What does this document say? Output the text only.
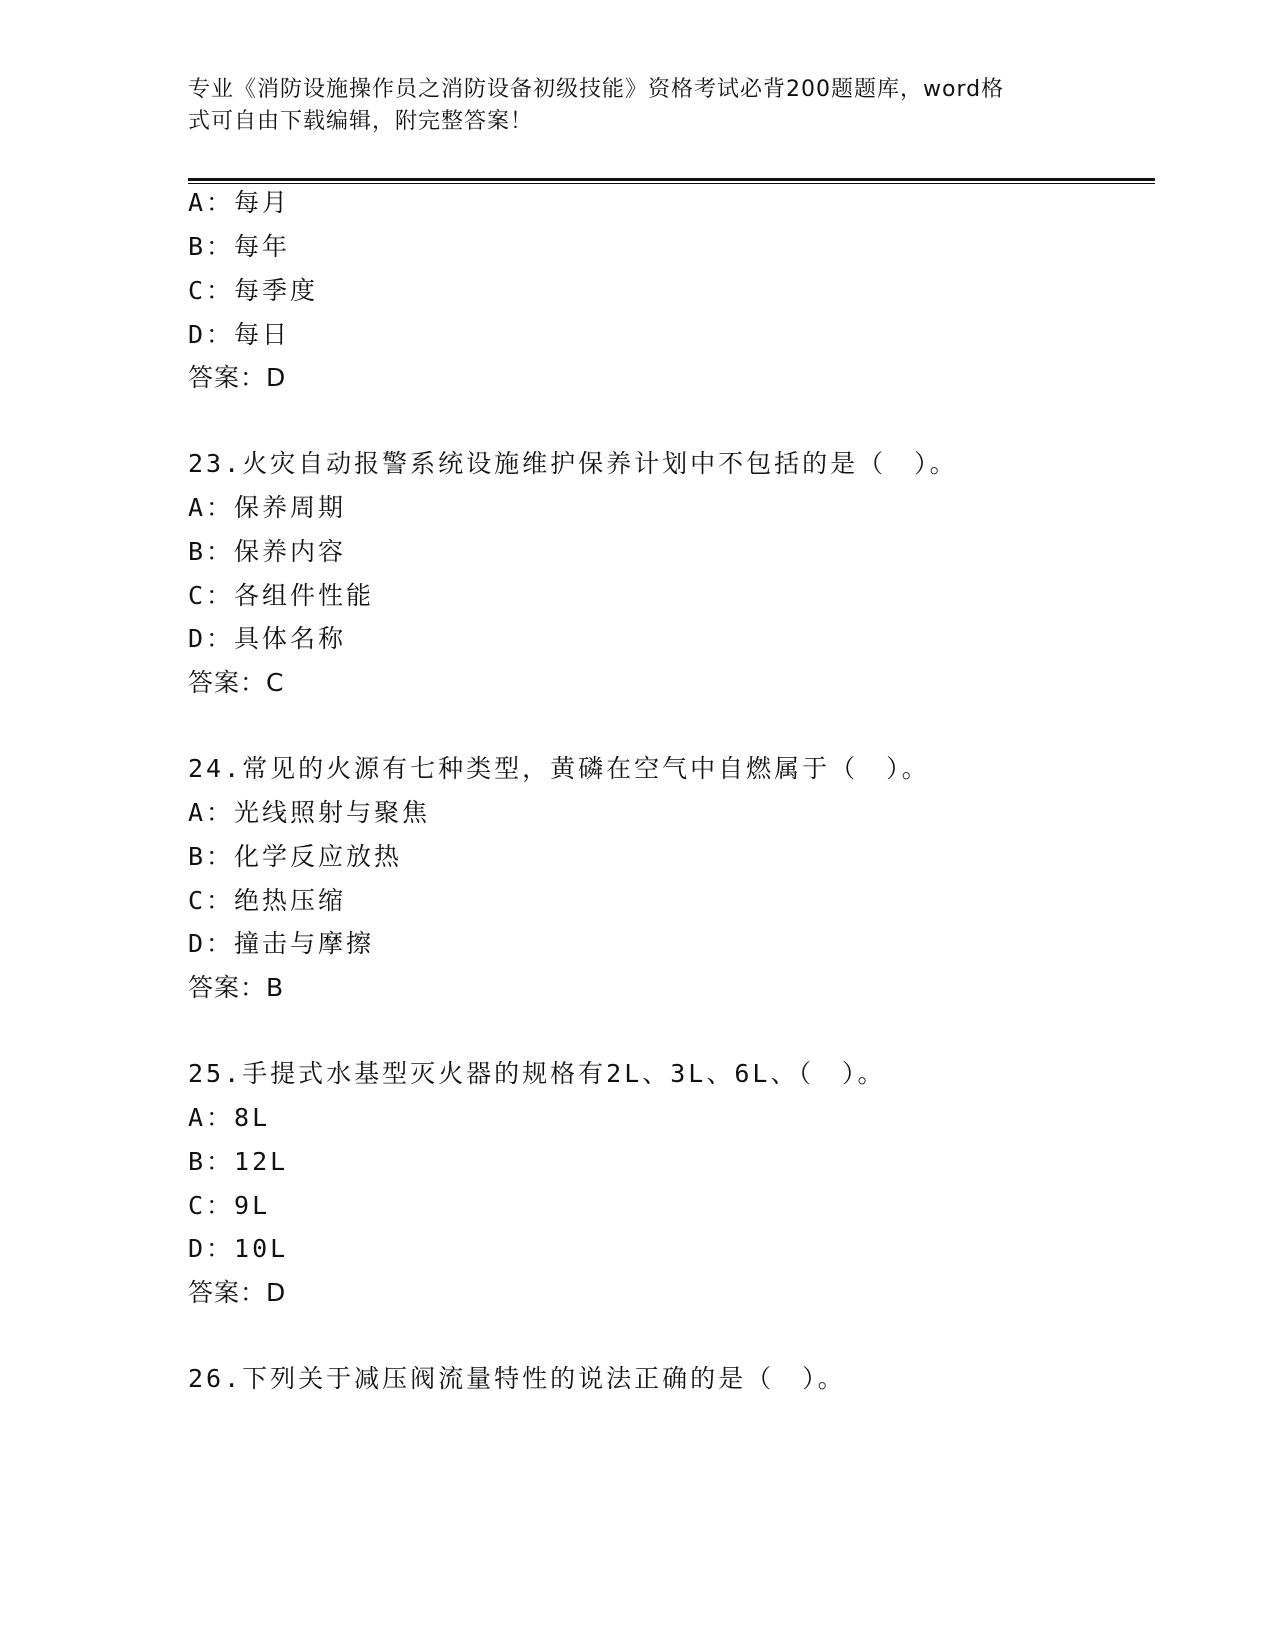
专业《消防设施操作员之消防设备初级技能》资格考试必背200题题库，word格
式可自由下载编辑，附完整答案！
A：每月
B：每年
C：每季度
D：每日
答案：D
23.火灾自动报警系统设施维护保养计划中不包括的是（　）。
A：保养周期
B：保养内容
C：各组件性能
D：具体名称
答案：C
24.常见的火源有七种类型，黄磷在空气中自燃属于（　）。
A：光线照射与聚焦
B：化学反应放热
C：绝热压缩
D：撞击与摩擦
答案：B
25.手提式水基型灭火器的规格有2L、3L、6L、（　）。
A：8L
B：12L
C：9L
D：10L
答案：D
26.下列关于减压阀流量特性的说法正确的是（　）。
